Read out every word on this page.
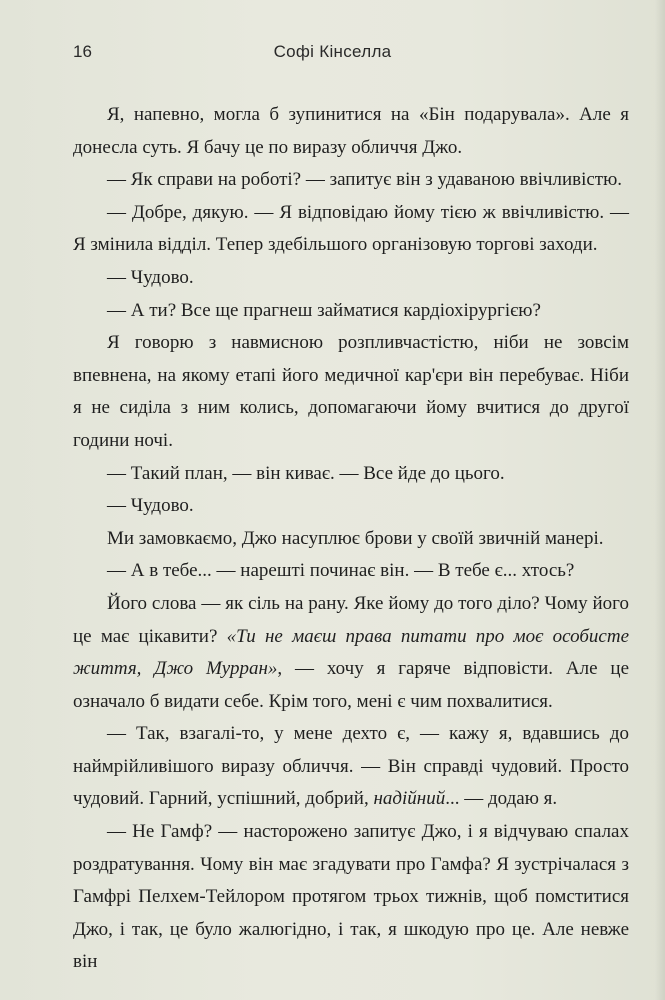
16	Софі Кінселла

Я, напевно, могла б зупинитися на «Бін подарувала». Але я донесла суть. Я бачу це по виразу обличчя Джо.

— Як справи на роботі? — запитує він з удаваною ввічливістю.

— Добре, дякую. — Я відповідаю йому тією ж ввічливістю. — Я змінила відділ. Тепер здебільшого організовую торгові заходи.

— Чудово.

— А ти? Все ще прагнеш займатися кардіохірургією?

Я говорю з навмисною розпливчастістю, ніби не зовсім впевнена, на якому етапі його медичної кар'єри він перебуває. Ніби я не сиділа з ним колись, допомагаючи йому вчитися до другої години ночі.

— Такий план, — він киває. — Все йде до цього.

— Чудово.

Ми замовкаємо, Джо насуплює брови у своїй звичній манері.

— А в тебе... — нарешті починає він. — В тебе є... хтось?

Його слова — як сіль на рану. Яке йому до того діло? Чому його це має цікавити? «Ти не маєш права питати про моє особисте життя, Джо Мурран», — хочу я гаряче відповісти. Але це означало б видати себе. Крім того, мені є чим похвалитися.

— Так, взагалі-то, у мене дехто є, — кажу я, вдавшись до наймрійливішого виразу обличчя. — Він справді чудовий. Просто чудовий. Гарний, успішний, добрий, надійний... — додаю я.

— Не Гамф? — насторожено запитує Джо, і я відчуваю спалах роздратування. Чому він має згадувати про Гамфа? Я зустрічалася з Гамфрі Пелхем-Тейлором протягом трьох тижнів, щоб помститися Джо, і так, це було жалюгідно, і так, я шкодую про це. Але невже він
